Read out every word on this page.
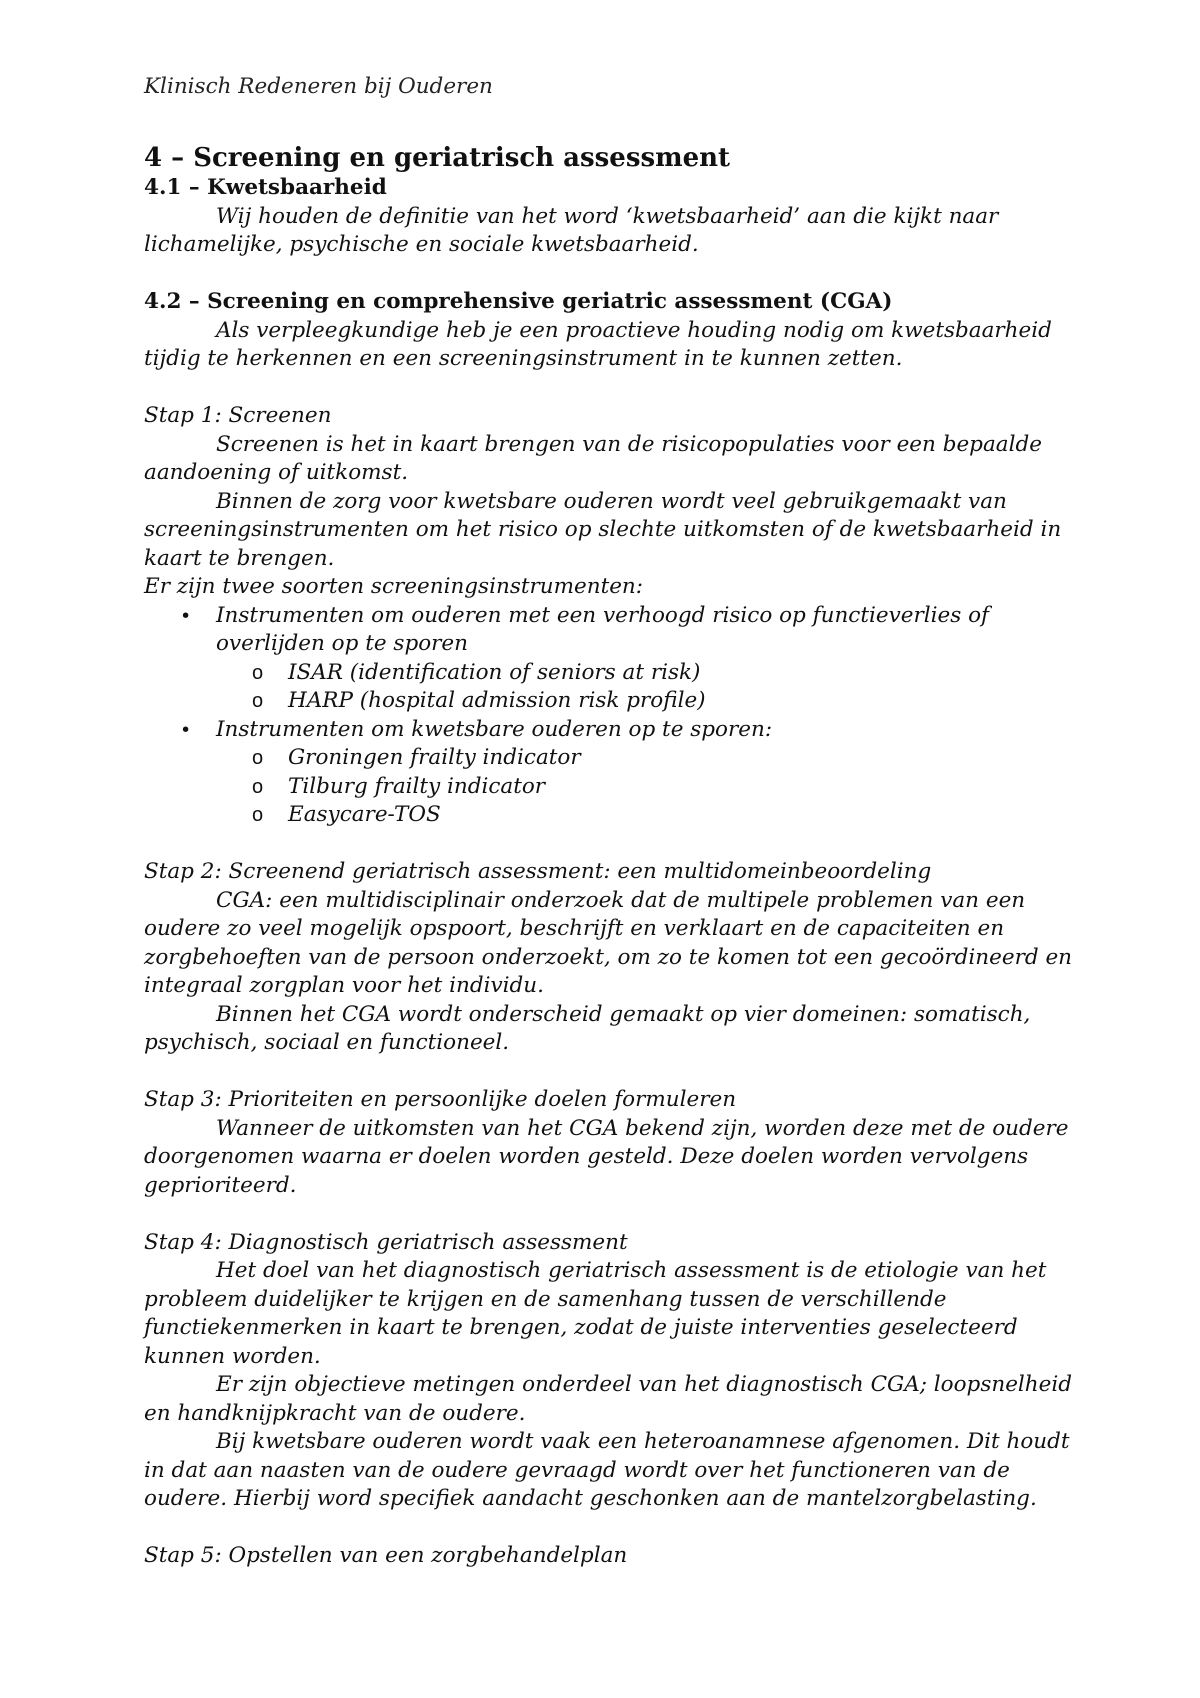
Klinisch Redeneren bij Ouderen
4 – Screening en geriatrisch assessment
4.1 – Kwetsbaarheid

Wij houden de definitie van het word ‘kwetsbaarheid’ aan die kijkt naar lichamelijke, psychische en sociale kwetsbaarheid.

4.2 – Screening en comprehensive geriatric assessment (CGA)

Als verpleegkundige heb je een proactieve houding nodig om kwetsbaarheid tijdig te herkennen en een screeningsinstrument in te kunnen zetten.

Stap 1: Screenen

Screenen is het in kaart brengen van de risicopopulaties voor een bepaalde aandoening of uitkomst.

Binnen de zorg voor kwetsbare ouderen wordt veel gebruikgemaakt van screeningsinstrumenten om het risico op slechte uitkomsten of de kwetsbaarheid in kaart te brengen.

Er zijn twee soorten screeningsinstrumenten:

• Instrumenten om ouderen met een verhoogd risico op functieverlies of overlijden op te sporen
o ISAR (identification of seniors at risk)
o HARP (hospital admission risk profile)
• Instrumenten om kwetsbare ouderen op te sporen:
o Groningen frailty indicator
o Tilburg frailty indicator
o Easycare-TOS
Stap 2: Screenend geriatrisch assessment: een multidomeinbeoordeling

CGA: een multidisciplinair onderzoek dat de multipele problemen van een oudere zo veel mogelijk opspoort, beschrijft en verklaart en de capaciteiten en zorgbehoeften van de persoon onderzoekt, om zo te komen tot een gecoördineerd en integraal zorgplan voor het individu.

Binnen het CGA wordt onderscheid gemaakt op vier domeinen: somatisch, psychisch, sociaal en functioneel.

Stap 3: Prioriteiten en persoonlijke doelen formuleren

Wanneer de uitkomsten van het CGA bekend zijn, worden deze met de oudere doorgenomen waarna er doelen worden gesteld. Deze doelen worden vervolgens geprioriteerd.

Stap 4: Diagnostisch geriatrisch assessment

Het doel van het diagnostisch geriatrisch assessment is de etiologie van het probleem duidelijker te krijgen en de samenhang tussen de verschillende functiekenmerken in kaart te brengen, zodat de juiste interventies geselecteerd kunnen worden.

Er zijn objectieve metingen onderdeel van het diagnostisch CGA; loopsnelheid en handknijpkracht van de oudere.

Bij kwetsbare ouderen wordt vaak een heteroanamnese afgenomen. Dit houdt in dat aan naasten van de oudere gevraagd wordt over het functioneren van de oudere. Hierbij word specifiek aandacht geschonken aan de mantelzorgbelasting.

Stap 5: Opstellen van een zorgbehandelplan
